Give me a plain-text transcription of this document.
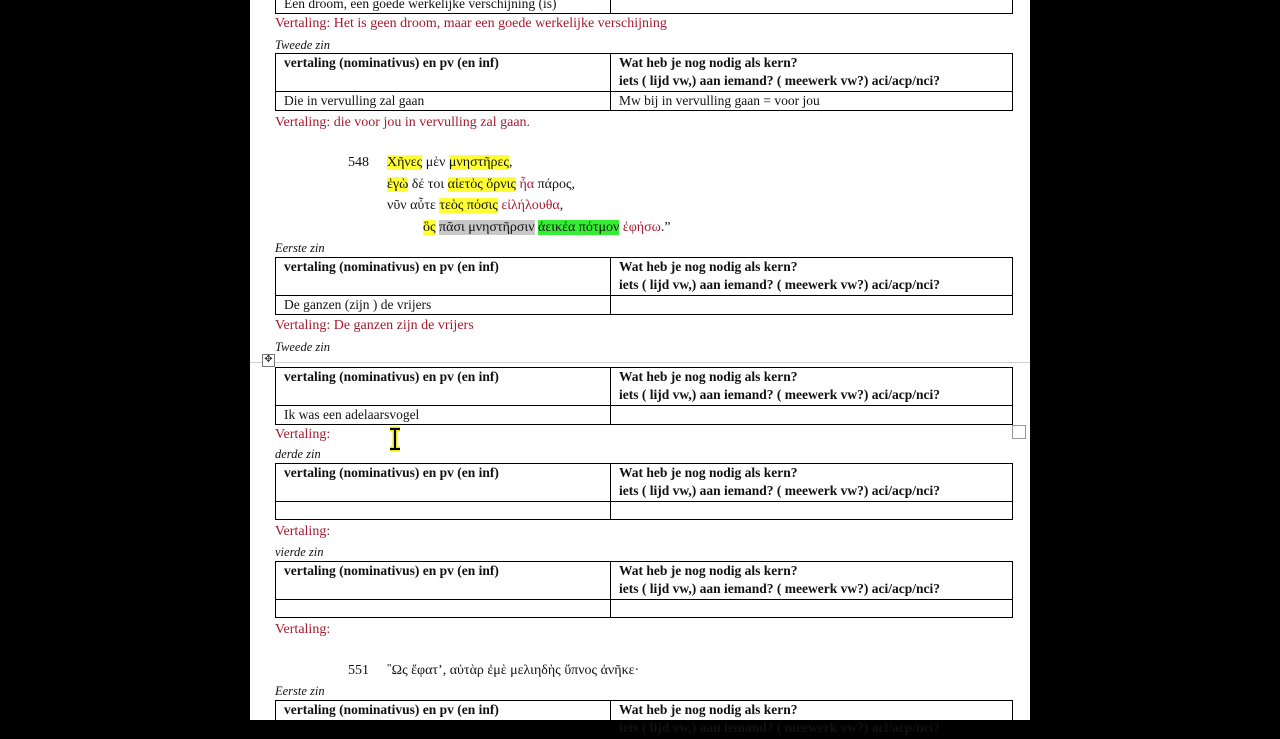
Een droom, een goede werkelijke verschijning (is)	
Vertaling: Het is geen droom, maar een goede werkelijke verschijning
Tweede zin
vertaling (nominativus) en pv (en inf)	Wat heb je nog nodig als kern?
iets ( lijd vw,) aan iemand? ( meewerk vw?) aci/acp/nci?

Die in vervulling zal gaan	Mw bij in vervulling gaan = voor jou
Vertaling: die voor jou in vervulling zal gaan.
548 Χῆνες μὲν μνηστῆρες,
ἐγὼ δέ τοι αἰετὸς ὄρνις ἦα πάρος,
νῦν αὖτε τεὸς πόσις εἰλήλουθα,
ὃς πᾶσι μνηστῆρσιν ἀεικέα πότμον ἐφήσω.”
Eerste zin
vertaling (nominativus) en pv (en inf)	Wat heb je nog nodig als kern?
iets ( lijd vw,) aan iemand? ( meewerk vw?) aci/acp/nci?

De ganzen (zijn ) de vrijers	
Vertaling: De ganzen zijn de vrijers
Tweede zin
✥
vertaling (nominativus) en pv (en inf)	Wat heb je nog nodig als kern?
iets ( lijd vw,) aan iemand? ( meewerk vw?) aci/acp/nci?

Ik was een adelaarsvogel	
Vertaling:
derde zin
vertaling (nominativus) en pv (en inf)	Wat heb je nog nodig als kern?
iets ( lijd vw,) aan iemand? ( meewerk vw?) aci/acp/nci?

Vertaling:
vierde zin
vertaling (nominativus) en pv (en inf)	Wat heb je nog nodig als kern?
iets ( lijd vw,) aan iemand? ( meewerk vw?) aci/acp/nci?

Vertaling:
551 ῝Ως ἔφατ’, αὐτὰρ ἐμὲ μελιηδὴς ὕπνος ἀνῆκε·
Eerste zin
vertaling (nominativus) en pv (en inf)	Wat heb je nog nodig als kern?
iets ( lijd vw,) aan iemand? ( meewerk vw?) aci/acp/nci?
